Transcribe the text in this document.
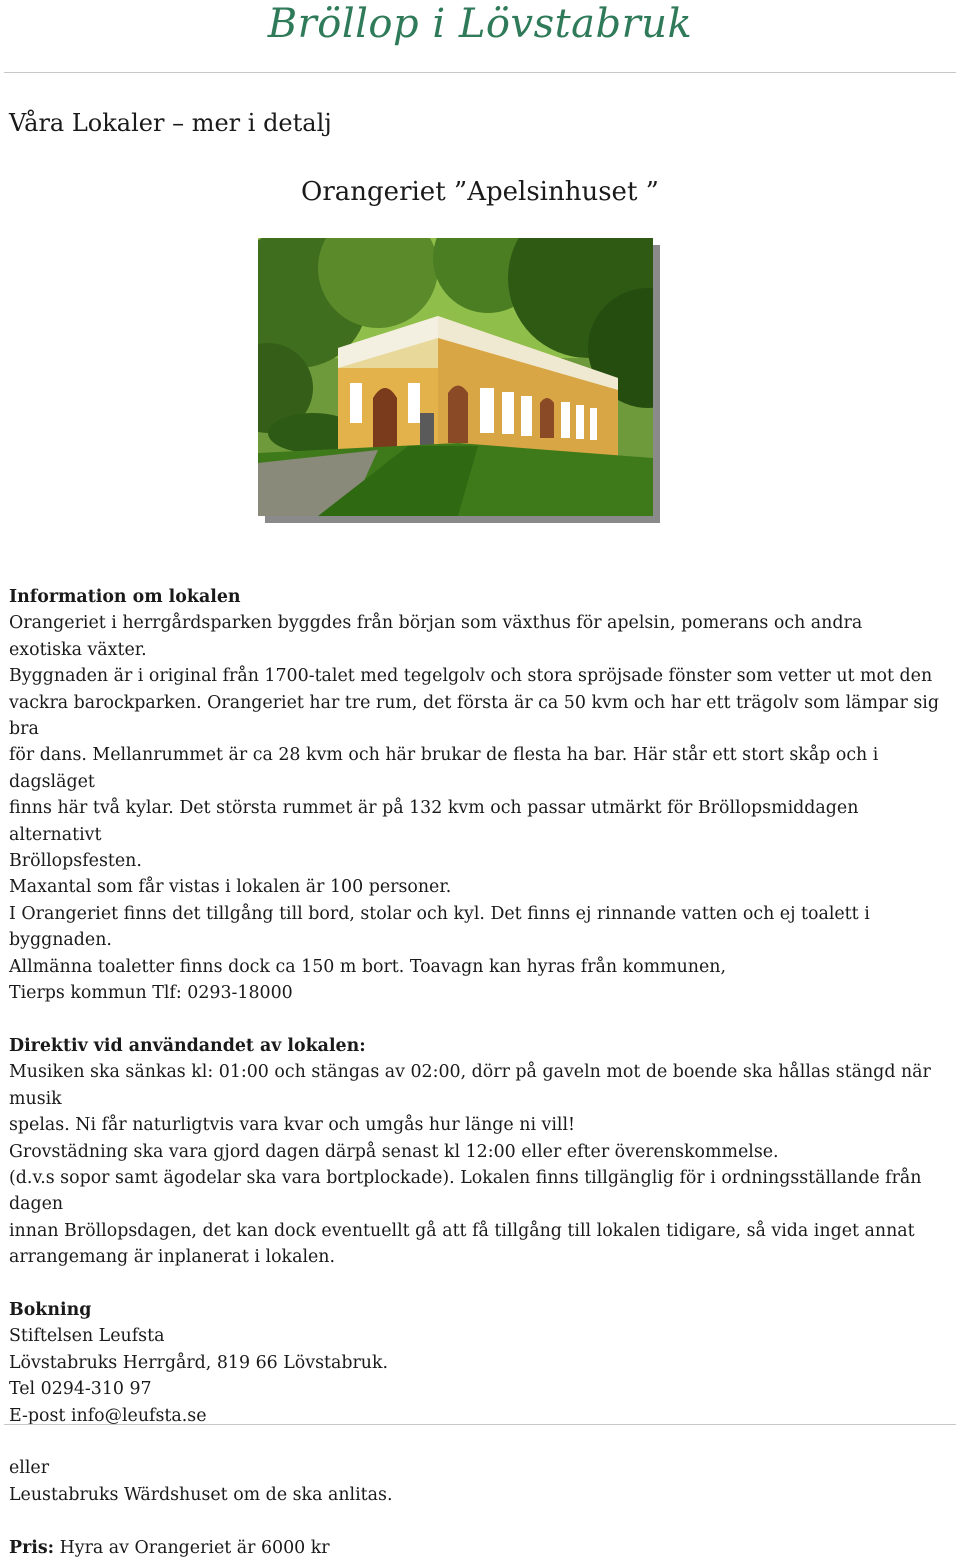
Bröllop i Lövstabruk
Våra Lokaler – mer i detalj
Orangeriet ”Apelsinhuset ”

Information om lokalen

Orangeriet i herrgårdsparken byggdes från början som växthus för apelsin, pomerans och andra

exotiska växter.

Byggnaden är i original från 1700-talet med tegelgolv och stora spröjsade fönster som vetter ut mot den

vackra barockparken. Orangeriet har tre rum, det första är ca 50 kvm och har ett trägolv som lämpar sig bra

för dans. Mellanrummet är ca 28 kvm och här brukar de flesta ha bar. Här står ett stort skåp och i dagsläget

finns här två kylar. Det största rummet är på 132 kvm och passar utmärkt för Bröllopsmiddagen alternativt

Bröllopsfesten.

Maxantal som får vistas i lokalen är 100 personer.

I Orangeriet finns det tillgång till bord, stolar och kyl. Det finns ej rinnande vatten och ej toalett i byggnaden.

Allmänna toaletter finns dock ca 150 m bort. Toavagn kan hyras från kommunen,

Tierps kommun Tlf: 0293-18000

Direktiv vid användandet av lokalen:

Musiken ska sänkas kl: 01:00 och stängas av 02:00, dörr på gaveln mot de boende ska hållas stängd när musik

spelas. Ni får naturligtvis vara kvar och umgås hur länge ni vill!

Grovstädning ska vara gjord dagen därpå senast kl 12:00 eller efter överenskommelse.

(d.v.s sopor samt ägodelar ska vara bortplockade). Lokalen finns tillgänglig för i ordningsställande från dagen

innan Bröllopsdagen, det kan dock eventuellt gå att få tillgång till lokalen tidigare, så vida inget annat

arrangemang är inplanerat i lokalen.

Bokning

Stiftelsen Leufsta

Lövstabruks Herrgård, 819 66 Lövstabruk.

Tel 0294-310 97

E-post info@leufsta.se

eller

Leustabruks Wärdshuset om de ska anlitas.

Pris: Hyra av Orangeriet är 6000 kr
